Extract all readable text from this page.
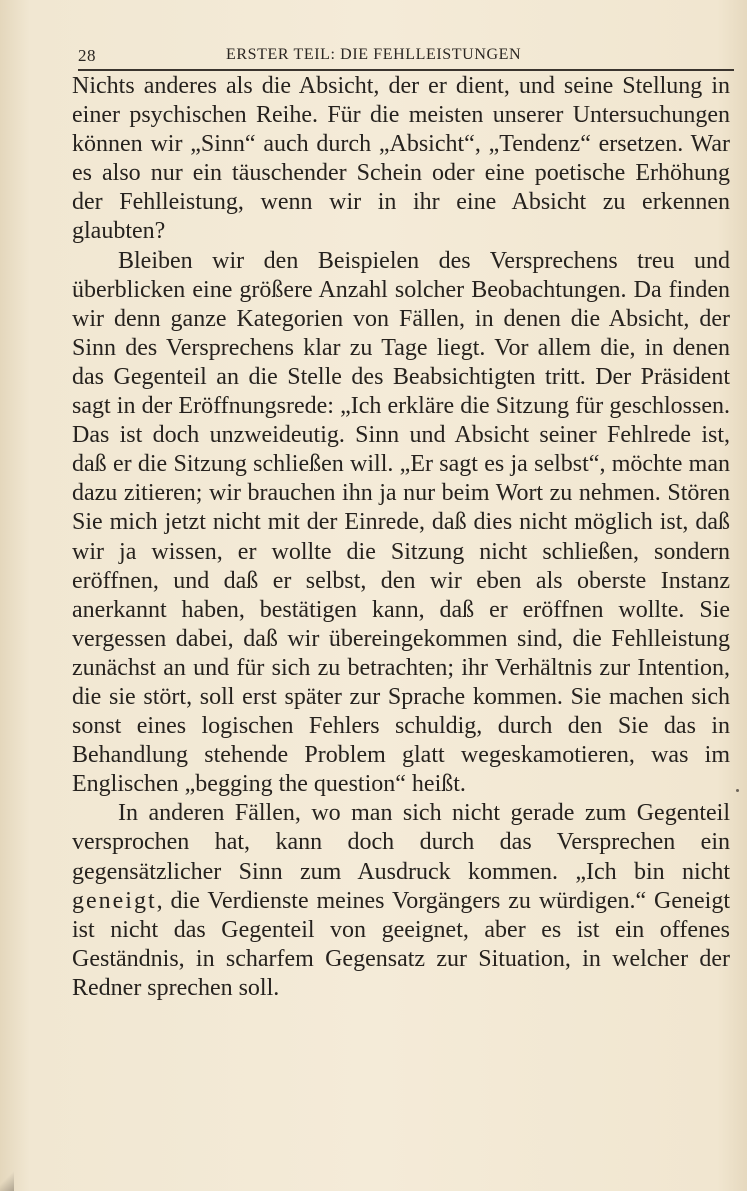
28	ERSTER TEIL: DIE FEHLLEISTUNGEN

Nichts anderes als die Absicht, der er dient, und seine Stellung in einer psychischen Reihe. Für die meisten unserer Untersuchungen können wir „Sinn“ auch durch „Absicht“, „Tendenz“ ersetzen. War es also nur ein täuschender Schein oder eine poetische Erhöhung der Fehlleistung, wenn wir in ihr eine Absicht zu erkennen glaubten?

Bleiben wir den Beispielen des Versprechens treu und überblicken eine größere Anzahl solcher Beobachtungen. Da finden wir denn ganze Kategorien von Fällen, in denen die Absicht, der Sinn des Versprechens klar zu Tage liegt. Vor allem die, in denen das Gegenteil an die Stelle des Beabsichtigten tritt. Der Präsident sagt in der Eröffnungsrede: „Ich erkläre die Sitzung für geschlossen. Das ist doch unzweideutig. Sinn und Absicht seiner Fehlrede ist, daß er die Sitzung schließen will. „Er sagt es ja selbst“, möchte man dazu zitieren; wir brauchen ihn ja nur beim Wort zu nehmen. Stören Sie mich jetzt nicht mit der Einrede, daß dies nicht möglich ist, daß wir ja wissen, er wollte die Sitzung nicht schließen, sondern eröffnen, und daß er selbst, den wir eben als oberste Instanz anerkannt haben, bestätigen kann, daß er eröffnen wollte. Sie vergessen dabei, daß wir übereingekommen sind, die Fehlleistung zunächst an und für sich zu betrachten; ihr Verhältnis zur Intention, die sie stört, soll erst später zur Sprache kommen. Sie machen sich sonst eines logischen Fehlers schuldig, durch den Sie das in Behandlung stehende Problem glatt wegeskamotieren, was im Englischen „begging the question“ heißt.

In anderen Fällen, wo man sich nicht gerade zum Gegenteil versprochen hat, kann doch durch das Versprechen ein gegensätzlicher Sinn zum Ausdruck kommen. „Ich bin nicht geneigt, die Verdienste meines Vorgängers zu würdigen.“ Geneigt ist nicht das Gegenteil von geeignet, aber es ist ein offenes Geständnis, in scharfem Gegensatz zur Situation, in welcher der Redner sprechen soll.
